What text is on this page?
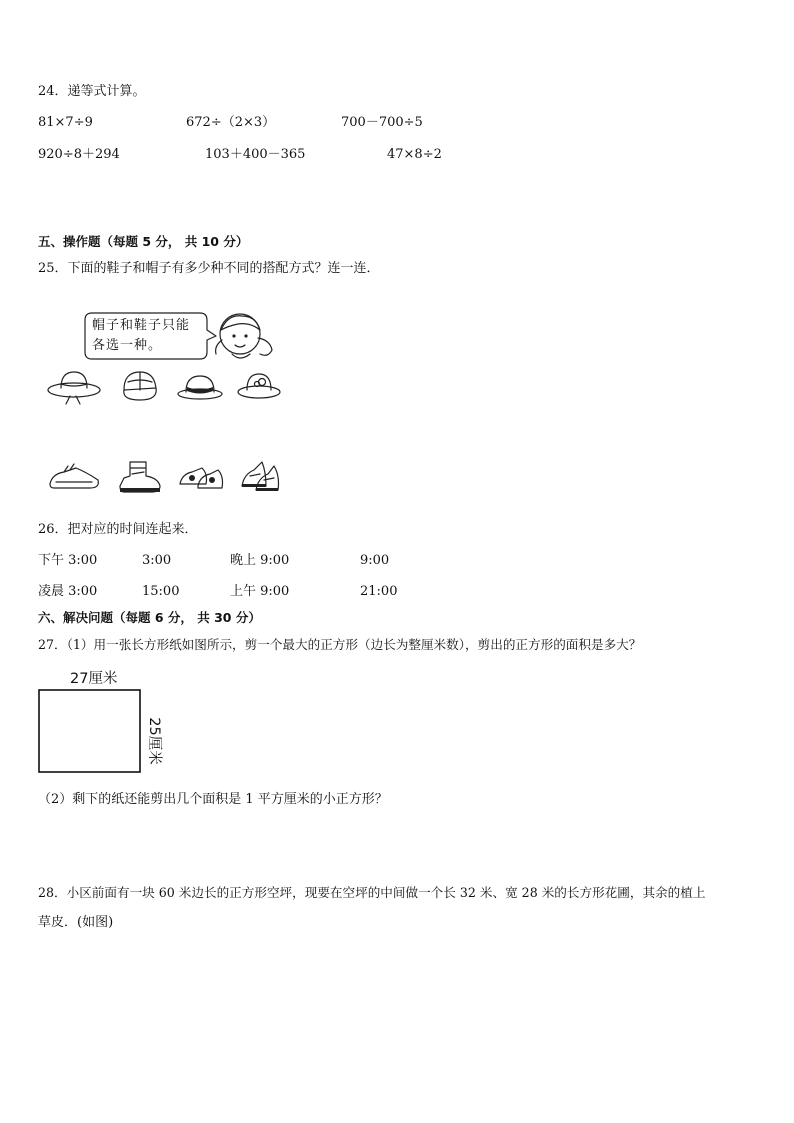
24．递等式计算。
81×7÷9	672÷（2×3）	700－700÷5
920÷8＋294	103＋400－365	47×8÷2
五、操作题（每题 5 分， 共 10 分）
25．下面的鞋子和帽子有多少种不同的搭配方式？连一连．
帽子和鞋子只能
各选一种。
26．把对应的时间连起来．
下午 3:00	3:00	晚上 9:00	9:00
凌晨 3:00	15:00	上午 9:00	21:00
六、解决问题（每题 6 分， 共 30 分）
27．（1）用一张长方形纸如图所示，剪一个最大的正方形（边长为整厘米数），剪出的正方形的面积是多大？
27厘米
25厘米
（2）剩下的纸还能剪出几个面积是 1 平方厘米的小正方形？
28．小区前面有一块 60 米边长的正方形空坪，现要在空坪的中间做一个长 32 米、宽 28 米的长方形花圃，其余的植上
草皮．(如图)
